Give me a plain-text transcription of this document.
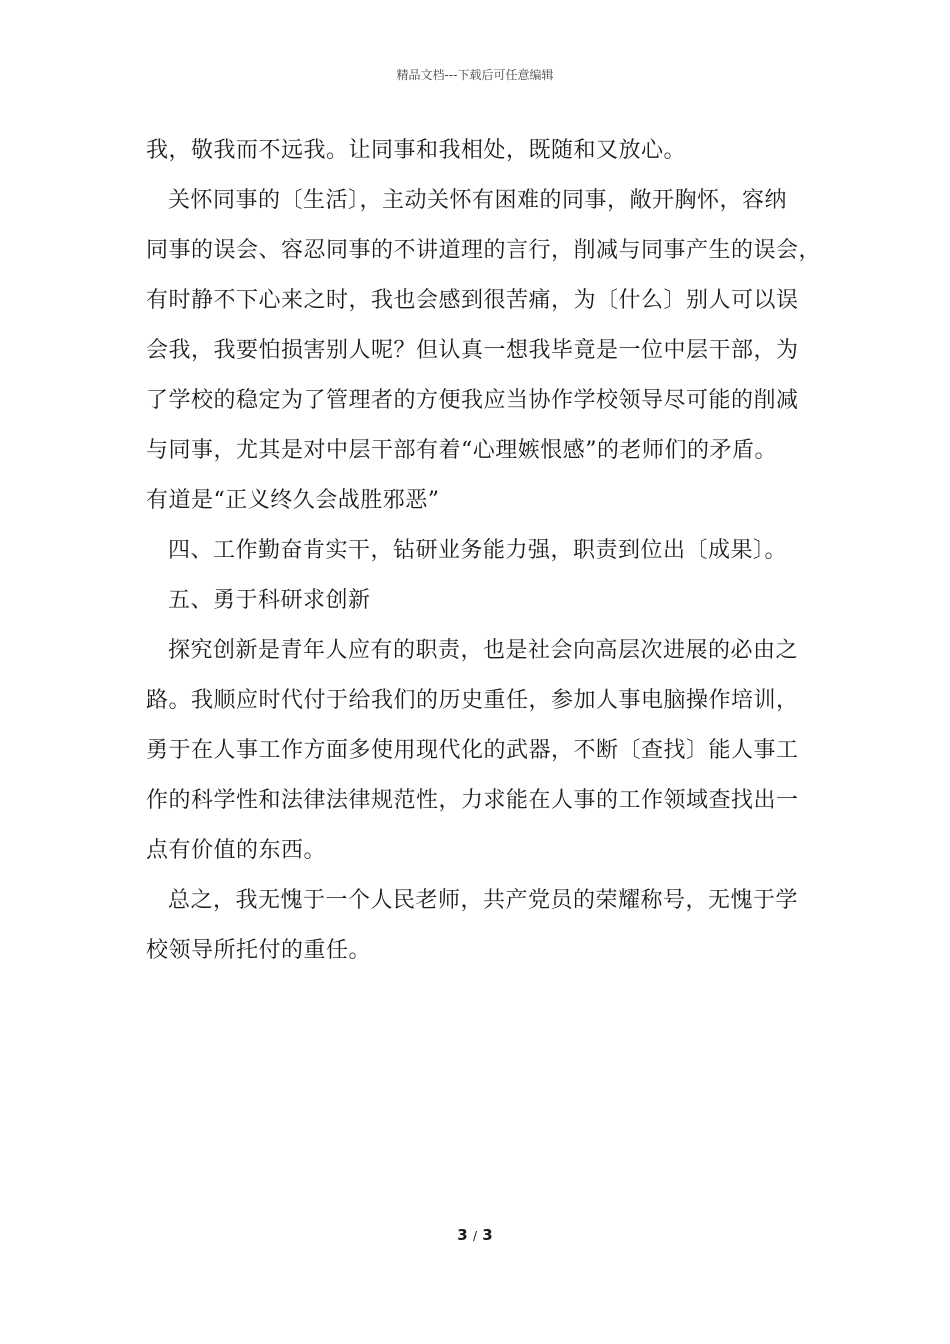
精品文档---下载后可任意编辑
我，敬我而不远我。让同事和我相处，既随和又放心。
关怀同事的〔生活〕，主动关怀有困难的同事，敞开胸怀，容纳
同事的误会、容忍同事的不讲道理的言行，削减与同事产生的误会，
有时静不下心来之时，我也会感到很苦痛，为〔什么〕别人可以误
会我，我要怕损害别人呢？但认真一想我毕竟是一位中层干部，为
了学校的稳定为了管理者的方便我应当协作学校领导尽可能的削减
与同事，尤其是对中层干部有着“心理嫉恨感”的老师们的矛盾。
有道是“正义终久会战胜邪恶”
四、工作勤奋肯实干，钻研业务能力强，职责到位出〔成果〕。
五、勇于科研求创新
探究创新是青年人应有的职责，也是社会向高层次进展的必由之
路。我顺应时代付于给我们的历史重任，参加人事电脑操作培训，
勇于在人事工作方面多使用现代化的武器，不断〔查找〕能人事工
作的科学性和法律法律规范性，力求能在人事的工作领域查找出一
点有价值的东西。
总之，我无愧于一个人民老师，共产党员的荣耀称号，无愧于学
校领导所托付的重任。
3 / 3
